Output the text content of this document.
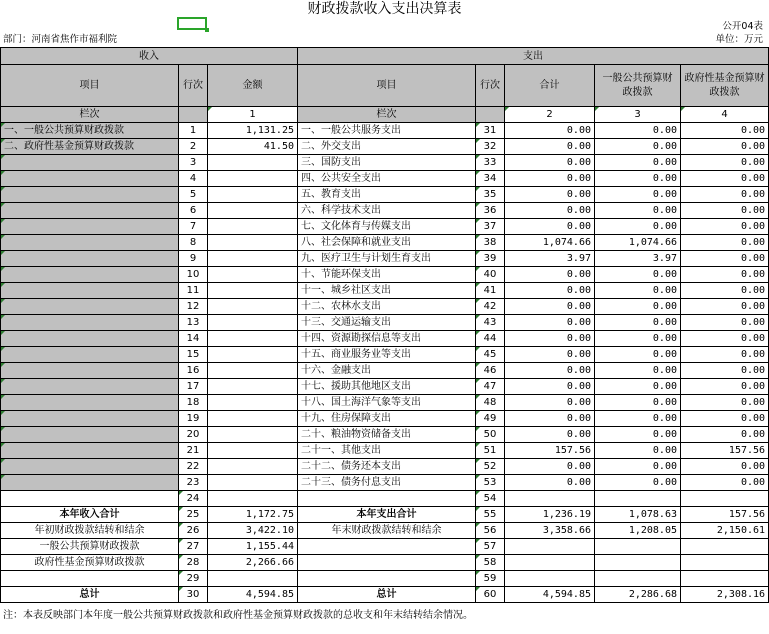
财政拨款收入支出决算表
公开04表
部门：河南省焦作市福利院	单位：万元
收入			支出				
项目	行次	金额	项目	行次	合计	一般公共预算财政拨款	政府性基金预算财政拨款
栏次		1	栏次		2	3	4
一、一般公共预算财政拨款	1	1,131.25	一、一般公共服务支出	31	0.00	0.00	0.00
二、政府性基金预算财政拨款	2	41.50	二、外交支出	32	0.00	0.00	0.00
	3		三、国防支出	33	0.00	0.00	0.00
	4		四、公共安全支出	34	0.00	0.00	0.00
	5		五、教育支出	35	0.00	0.00	0.00
	6		六、科学技术支出	36	0.00	0.00	0.00
	7		七、文化体育与传媒支出	37	0.00	0.00	0.00
	8		八、社会保障和就业支出	38	1,074.66	1,074.66	0.00
	9		九、医疗卫生与计划生育支出	39	3.97	3.97	0.00
	10		十、节能环保支出	40	0.00	0.00	0.00
	11		十一、城乡社区支出	41	0.00	0.00	0.00
	12		十二、农林水支出	42	0.00	0.00	0.00
	13		十三、交通运输支出	43	0.00	0.00	0.00
	14		十四、资源勘探信息等支出	44	0.00	0.00	0.00
	15		十五、商业服务业等支出	45	0.00	0.00	0.00
	16		十六、金融支出	46	0.00	0.00	0.00
	17		十七、援助其他地区支出	47	0.00	0.00	0.00
	18		十八、国土海洋气象等支出	48	0.00	0.00	0.00
	19		十九、住房保障支出	49	0.00	0.00	0.00
	20		二十、粮油物资储备支出	50	0.00	0.00	0.00
	21		二十一、其他支出	51	157.56	0.00	157.56
	22		二十二、债务还本支出	52	0.00	0.00	0.00
	23		二十三、债务付息支出	53	0.00	0.00	0.00
	24			54			
本年收入合计	25	1,172.75	本年支出合计	55	1,236.19	1,078.63	157.56
年初财政拨款结转和结余	26	3,422.10	年末财政拨款结转和结余	56	3,358.66	1,208.05	2,150.61
一般公共预算财政拨款	27	1,155.44		57			
政府性基金预算财政拨款	28	2,266.66		58			
	29			59			
总计	30	4,594.85	总计	60	4,594.85	2,286.68	2,308.16
注：本表反映部门本年度一般公共预算财政拨款和政府性基金预算财政拨款的总收支和年末结转结余情况。
